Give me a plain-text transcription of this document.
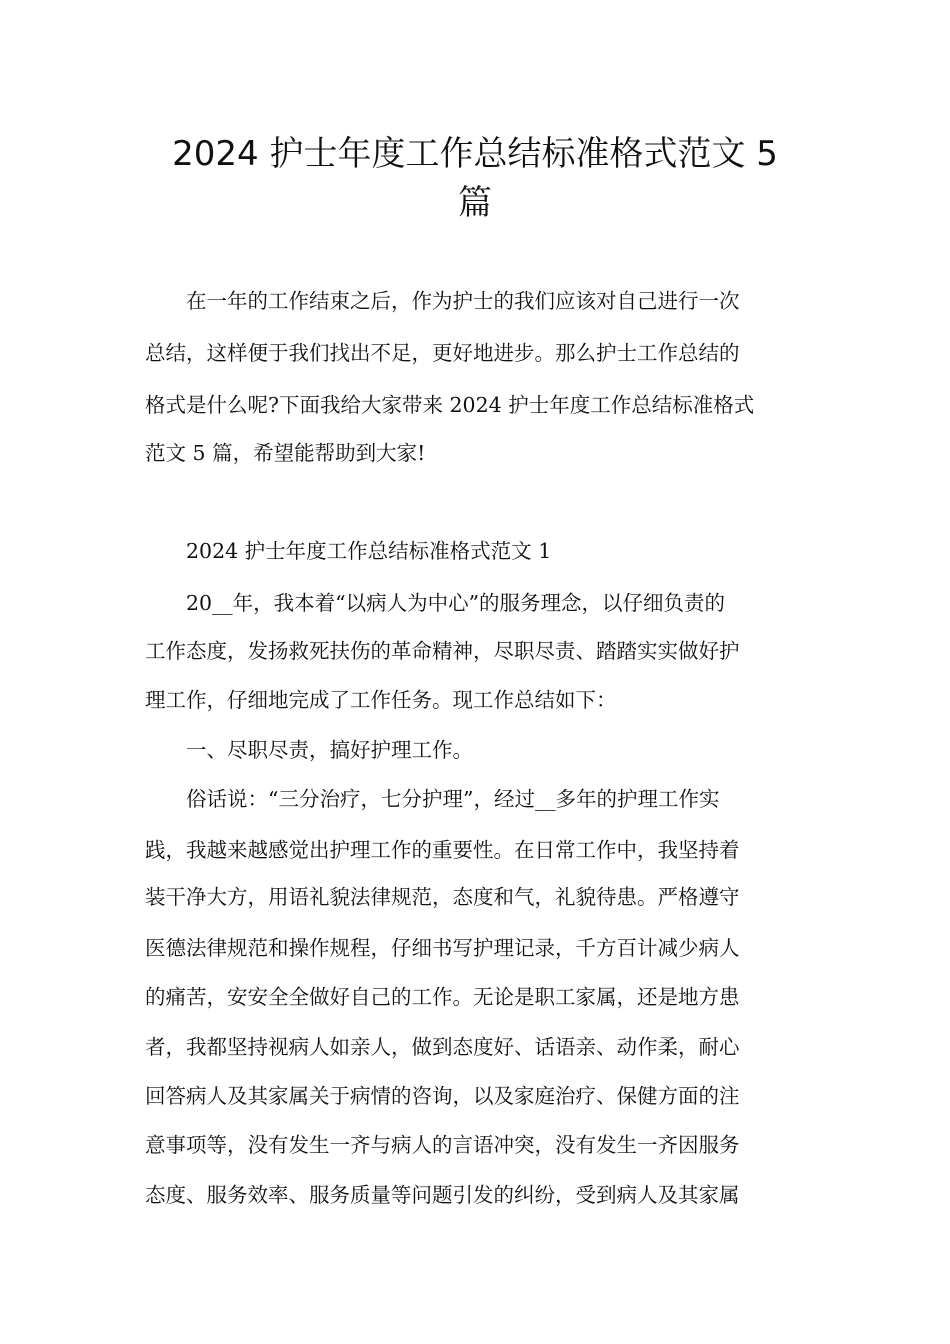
2024 护士年度工作总结标准格式范文 5
篇

　　在一年的工作结束之后，作为护士的我们应该对自己进行一次

总结，这样便于我们找出不足，更好地进步。那么护士工作总结的

格式是什么呢?下面我给大家带来 2024 护士年度工作总结标准格式

范文 5 篇，希望能帮助到大家!

　　2024 护士年度工作总结标准格式范文 1

　　20__年，我本着“以病人为中心”的服务理念，以仔细负责的

工作态度，发扬救死扶伤的革命精神，尽职尽责、踏踏实实做好护

理工作，仔细地完成了工作任务。现工作总结如下：

　　一、尽职尽责，搞好护理工作。

　　俗话说：“三分治疗，七分护理”，经过__多年的护理工作实

践，我越来越感觉出护理工作的重要性。在日常工作中，我坚持着

装干净大方，用语礼貌法律规范，态度和气，礼貌待患。严格遵守

医德法律规范和操作规程，仔细书写护理记录，千方百计减少病人

的痛苦，安安全全做好自己的工作。无论是职工家属，还是地方患

者，我都坚持视病人如亲人，做到态度好、话语亲、动作柔，耐心

回答病人及其家属关于病情的咨询，以及家庭治疗、保健方面的注

意事项等，没有发生一齐与病人的言语冲突，没有发生一齐因服务

态度、服务效率、服务质量等问题引发的纠纷，受到病人及其家属
